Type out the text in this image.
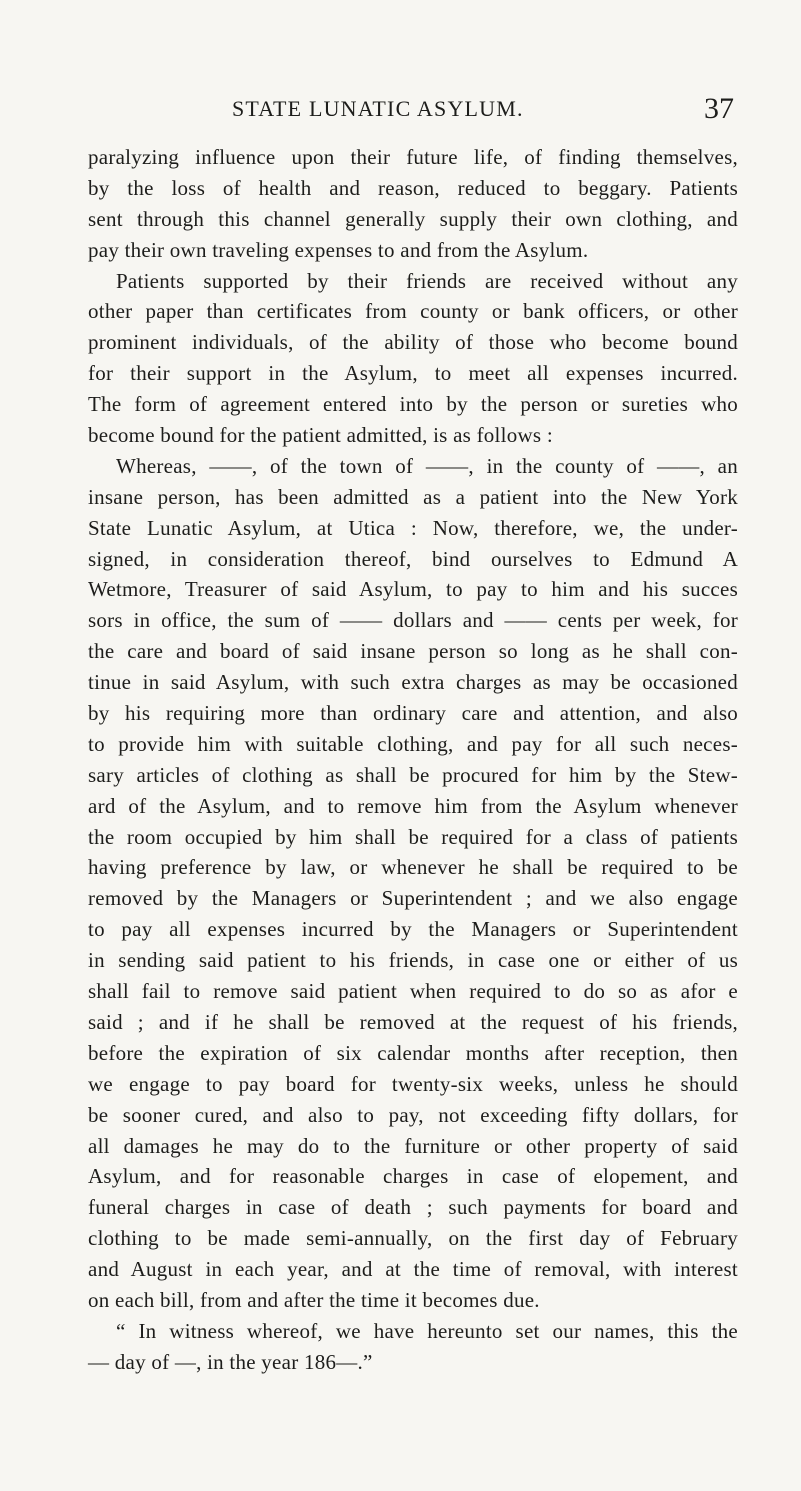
STATE LUNATIC ASYLUM.	37
paralyzing influence upon their future life, of finding themselves,
by the loss of health and reason, reduced to beggary. Patients
sent through this channel generally supply their own clothing, and
pay their own traveling expenses to and from the Asylum.
Patients supported by their friends are received without any
other paper than certificates from county or bank officers, or other
prominent individuals, of the ability of those who become bound
for their support in the Asylum, to meet all expenses incurred.
The form of agreement entered into by the person or sureties who
become bound for the patient admitted, is as follows :
Whereas, ——, of the town of ——, in the county of ——, an
insane person, has been admitted as a patient into the New York
State Lunatic Asylum, at Utica : Now, therefore, we, the under-
signed, in consideration thereof, bind ourselves to Edmund A
Wetmore, Treasurer of said Asylum, to pay to him and his succes
sors in office, the sum of —— dollars and —— cents per week, for
the care and board of said insane person so long as he shall con-
tinue in said Asylum, with such extra charges as may be occasioned
by his requiring more than ordinary care and attention, and also
to provide him with suitable clothing, and pay for all such neces-
sary articles of clothing as shall be procured for him by the Stew-
ard of the Asylum, and to remove him from the Asylum whenever
the room occupied by him shall be required for a class of patients
having preference by law, or whenever he shall be required to be
removed by the Managers or Superintendent ; and we also engage
to pay all expenses incurred by the Managers or Superintendent
in sending said patient to his friends, in case one or either of us
shall fail to remove said patient when required to do so as afor e
said ; and if he shall be removed at the request of his friends,
before the expiration of six calendar months after reception, then
we engage to pay board for twenty-six weeks, unless he should
be sooner cured, and also to pay, not exceeding fifty dollars, for
all damages he may do to the furniture or other property of said
Asylum, and for reasonable charges in case of elopement, and
funeral charges in case of death ; such payments for board and
clothing to be made semi-annually, on the first day of February
and August in each year, and at the time of removal, with interest
on each bill, from and after the time it becomes due.
“ In witness whereof, we have hereunto set our names, this the
— day of —, in the year 186—.”
